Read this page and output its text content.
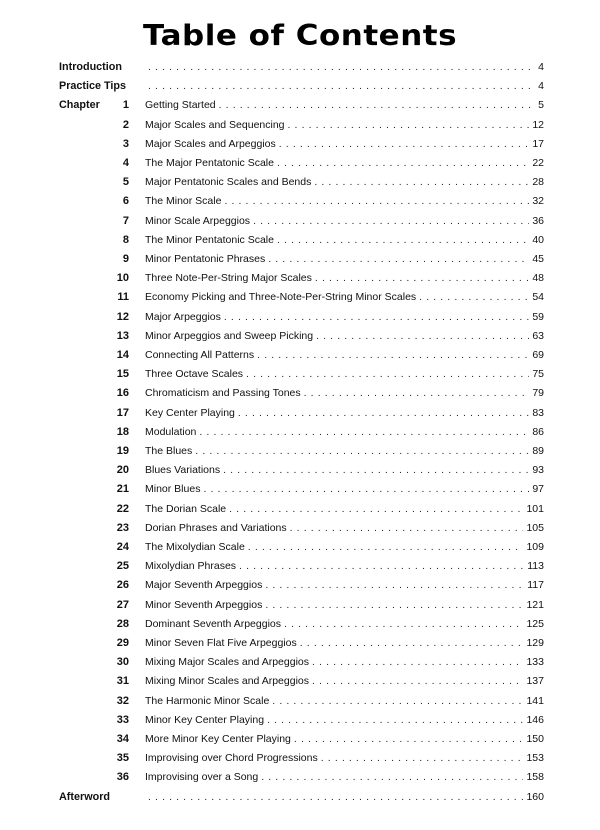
Table of Contents
Introduction . . .	4
Practice Tips . . .	4
Chapter	1 Getting Started . . .	5
2 Major Scales and Sequencing . . .	12
3 Major Scales and Arpeggios . . .	17
4 The Major Pentatonic Scale . . .	22
5 Major Pentatonic Scales and Bends . . .	28
6 The Minor Scale . . .	32
7 Minor Scale Arpeggios . . .	36
8 The Minor Pentatonic Scale . . .	40
9 Minor Pentatonic Phrases . . .	45
10 Three Note-Per-String Major Scales . . .	48
11 Economy Picking and Three-Note-Per-String Minor Scales . . .	54
12 Major Arpeggios . . .	59
13 Minor Arpeggios and Sweep Picking . . .	63
14 Connecting All Patterns . . .	69
15 Three Octave Scales . . .	75
16 Chromaticism and Passing Tones . . .	79
17 Key Center Playing . . .	83
18 Modulation . . .	86
19 The Blues . . .	89
20 Blues Variations . . .	93
21 Minor Blues . . .	97
22 The Dorian Scale . . .	101
23 Dorian Phrases and Variations . . .	105
24 The Mixolydian Scale . . .	109
25 Mixolydian Phrases . . .	113
26 Major Seventh Arpeggios . . .	117
27 Minor Seventh Arpeggios . . .	121
28 Dominant Seventh Arpeggios . . .	125
29 Minor Seven Flat Five Arpeggios . . .	129
30 Mixing Major Scales and Arpeggios . . .	133
31 Mixing Minor Scales and Arpeggios . . .	137
32 The Harmonic Minor Scale . . .	141
33 Minor Key Center Playing . . .	146
34 More Minor Key Center Playing . . .	150
35 Improvising over Chord Progressions . . .	153
36 Improvising over a Song . . .	158
Afterword . . .	160
